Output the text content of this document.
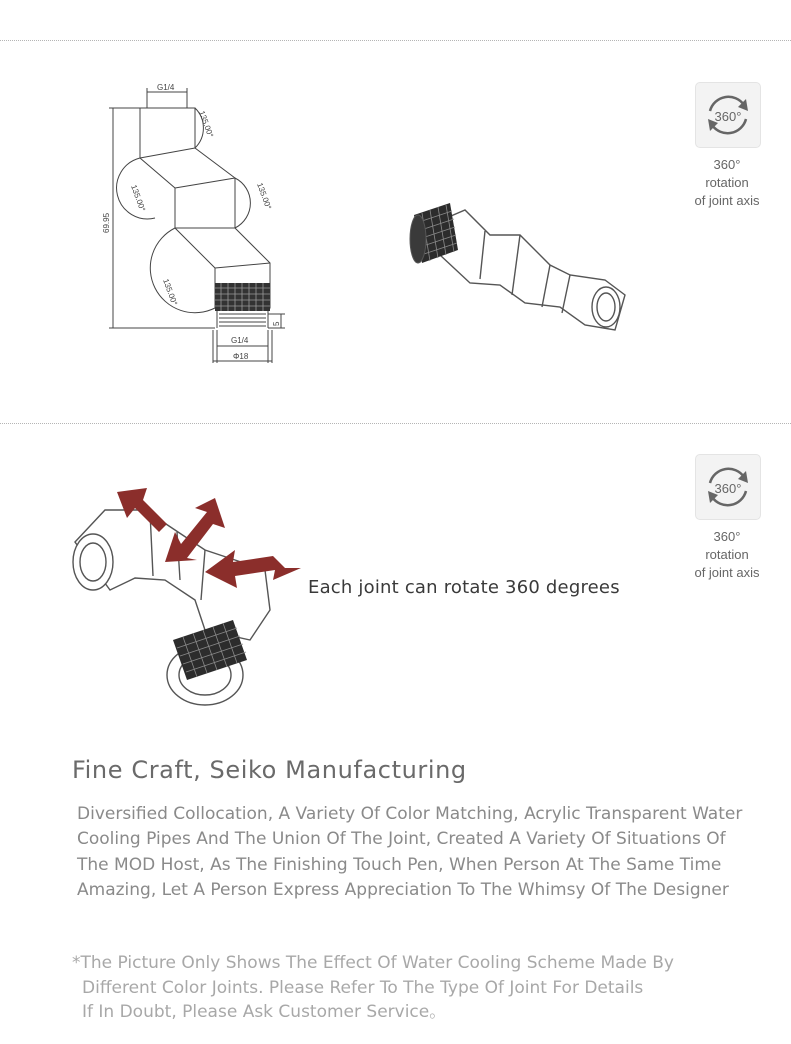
G1/4
135.00°
135.00°	135.00°
135.00°
69.95
5
G1/4
Φ18
360°
360°
rotation
of joint axis
360°
360°
rotation
of joint axis
Each joint can rotate 360 degrees
Fine Craft, Seiko Manufacturing

Diversified Collocation, A Variety Of Color Matching, Acrylic Transparent Water Cooling Pipes And The Union Of The Joint, Created A Variety Of Situations Of The MOD Host, As The Finishing Touch Pen, When Person At The Same Time Amazing, Let A Person Express Appreciation To The Whimsy Of The Designer

*The Picture Only Shows The Effect Of Water Cooling Scheme Made By
Different Color Joints. Please Refer To The Type Of Joint For Details
If In Doubt, Please Ask Customer Service。
